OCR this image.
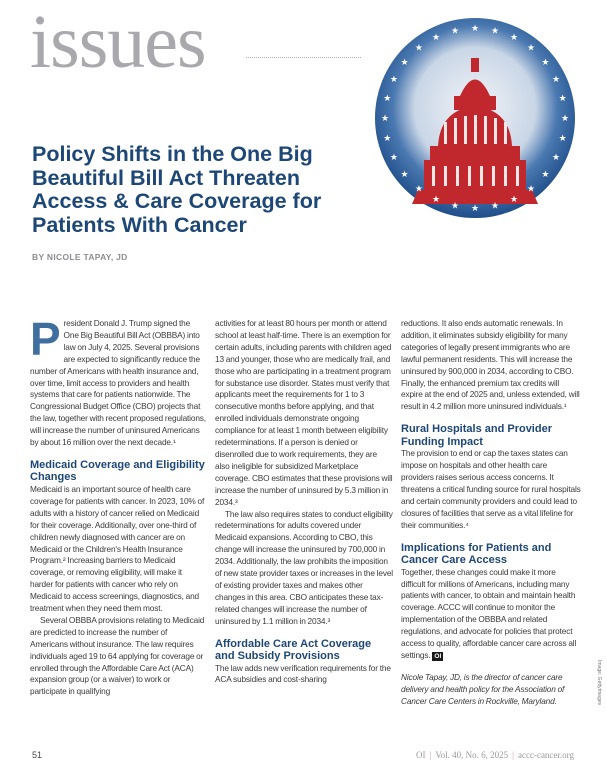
issues
★
★
★
★
★
★
★
★
★
★
★
★
★
★
★
★
★
★
★
★
★ ★ ★
★
★
★
★
★
Policy Shifts in the One Big Beautiful Bill Act Threaten Access & Care Coverage for Patients With Cancer
BY NICOLE TAPAY, JD

President Donald J. Trump signed the One Big Beautiful Bill Act (OBBBA) into law on July 4, 2025. Several provisions are expected to significantly reduce the number of Americans with health insurance and, over time, limit access to providers and health systems that care for patients nationwide. The Congressional Budget Office (CBO) projects that the law, together with recent proposed regulations, will increase the number of uninsured Americans by about 16 million over the next decade.¹

Medicaid Coverage and Eligibility Changes

Medicaid is an important source of health care coverage for patients with cancer. In 2023, 10% of adults with a history of cancer relied on Medicaid for their coverage. Additionally, over one-third of children newly diagnosed with cancer are on Medicaid or the Children's Health Insurance Program.² Increasing barriers to Medicaid coverage, or removing eligibility, will make it harder for patients with cancer who rely on Medicaid to access screenings, diagnostics, and treatment when they need them most.

Several OBBBA provisions relating to Medicaid are predicted to increase the number of Americans without insurance. The law requires individuals aged 19 to 64 applying for coverage or enrolled through the Affordable Care Act (ACA) expansion group (or a waiver) to work or participate in qualifying

activities for at least 80 hours per month or attend school at least half-time. There is an exemption for certain adults, including parents with children aged 13 and younger, those who are medically frail, and those who are participating in a treatment program for substance use disorder. States must verify that applicants meet the requirements for 1 to 3 consecutive months before applying, and that enrolled individuals demonstrate ongoing compliance for at least 1 month between eligibility redeterminations. If a person is denied or disenrolled due to work requirements, they are also ineligible for subsidized Marketplace coverage. CBO estimates that these provisions will increase the number of uninsured by 5.3 million in 2034.³

The law also requires states to conduct eligibility redeterminations for adults covered under Medicaid expansions. According to CBO, this change will increase the uninsured by 700,000 in 2034. Additionally, the law prohibits the imposition of new state provider taxes or increases in the level of existing provider taxes and makes other changes in this area. CBO anticipates these tax-related changes will increase the number of uninsured by 1.1 million in 2034.³

Affordable Care Act Coverage and Subsidy Provisions

The law adds new verification requirements for the ACA subsidies and cost-sharing

reductions. It also ends automatic renewals. In addition, it eliminates subsidy eligibility for many categories of legally present immigrants who are lawful permanent residents. This will increase the uninsured by 900,000 in 2034, according to CBO. Finally, the enhanced premium tax credits will expire at the end of 2025 and, unless extended, will result in 4.2 million more uninsured individuals.¹

Rural Hospitals and Provider Funding Impact

The provision to end or cap the taxes states can impose on hospitals and other health care providers raises serious access concerns. It threatens a critical funding source for rural hospitals and certain community providers and could lead to closures of facilities that serve as a vital lifeline for their communities.⁴

Implications for Patients and Cancer Care Access

Together, these changes could make it more difficult for millions of Americans, including many patients with cancer, to obtain and maintain health coverage. ACCC will continue to monitor the implementation of the OBBBA and related regulations, and advocate for policies that protect access to quality, affordable cancer care across all settings. OI

Nicole Tapay, JD, is the director of cancer care delivery and health policy for the Association of Cancer Care Centers in Rockville, Maryland.

51	OI | Vol. 40, No. 6, 2025 | accc-cancer.org
Image: GettyImages
